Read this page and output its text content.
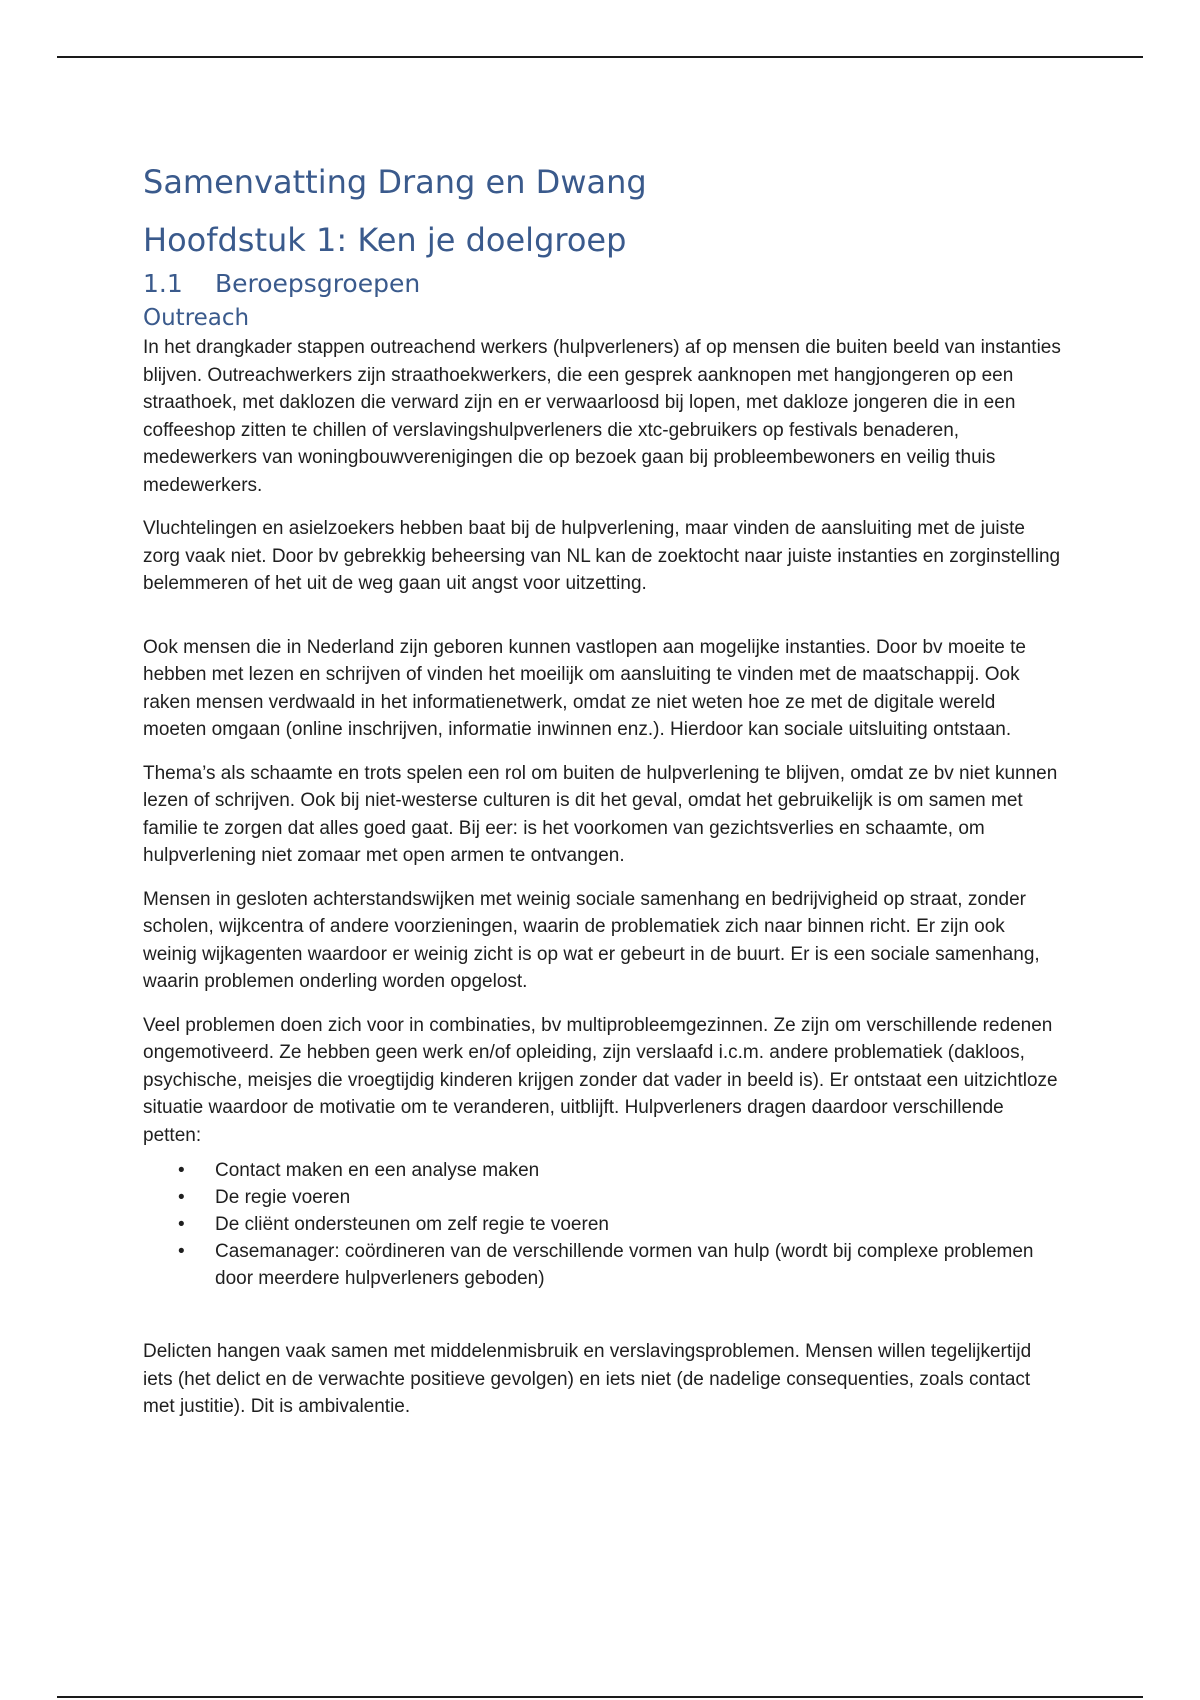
Samenvatting Drang en Dwang
Hoofdstuk 1: Ken je doelgroep
1.1 Beroepsgroepen
Outreach

In het drangkader stappen outreachend werkers (hulpverleners) af op mensen die buiten beeld van instanties blijven. Outreachwerkers zijn straathoekwerkers, die een gesprek aanknopen met hangjongeren op een straathoek, met daklozen die verward zijn en er verwaarloosd bij lopen, met dakloze jongeren die in een coffeeshop zitten te chillen of verslavingshulpverleners die xtc-gebruikers op festivals benaderen, medewerkers van woningbouwverenigingen die op bezoek gaan bij probleembewoners en veilig thuis medewerkers.

Vluchtelingen en asielzoekers hebben baat bij de hulpverlening, maar vinden de aansluiting met de juiste zorg vaak niet. Door bv gebrekkig beheersing van NL kan de zoektocht naar juiste instanties en zorginstelling belemmeren of het uit de weg gaan uit angst voor uitzetting.

Ook mensen die in Nederland zijn geboren kunnen vastlopen aan mogelijke instanties. Door bv moeite te hebben met lezen en schrijven of vinden het moeilijk om aansluiting te vinden met de maatschappij. Ook raken mensen verdwaald in het informatienetwerk, omdat ze niet weten hoe ze met de digitale wereld moeten omgaan (online inschrijven, informatie inwinnen enz.). Hierdoor kan sociale uitsluiting ontstaan.

Thema’s als schaamte en trots spelen een rol om buiten de hulpverlening te blijven, omdat ze bv niet kunnen lezen of schrijven. Ook bij niet-westerse culturen is dit het geval, omdat het gebruikelijk is om samen met familie te zorgen dat alles goed gaat. Bij eer: is het voorkomen van gezichtsverlies en schaamte, om hulpverlening niet zomaar met open armen te ontvangen.

Mensen in gesloten achterstandswijken met weinig sociale samenhang en bedrijvigheid op straat, zonder scholen, wijkcentra of andere voorzieningen, waarin de problematiek zich naar binnen richt. Er zijn ook weinig wijkagenten waardoor er weinig zicht is op wat er gebeurt in de buurt. Er is een sociale samenhang, waarin problemen onderling worden opgelost.

Veel problemen doen zich voor in combinaties, bv multiprobleemgezinnen. Ze zijn om verschillende redenen ongemotiveerd. Ze hebben geen werk en/of opleiding, zijn verslaafd i.c.m. andere problematiek (dakloos, psychische, meisjes die vroegtijdig kinderen krijgen zonder dat vader in beeld is). Er ontstaat een uitzichtloze situatie waardoor de motivatie om te veranderen, uitblijft. Hulpverleners dragen daardoor verschillende petten:

• Contact maken en een analyse maken
• De regie voeren
• De cliënt ondersteunen om zelf regie te voeren
• Casemanager: coördineren van de verschillende vormen van hulp (wordt bij complexe problemen door meerdere hulpverleners geboden)

Delicten hangen vaak samen met middelenmisbruik en verslavingsproblemen. Mensen willen tegelijkertijd iets (het delict en de verwachte positieve gevolgen) en iets niet (de nadelige consequenties, zoals contact met justitie). Dit is ambivalentie.
